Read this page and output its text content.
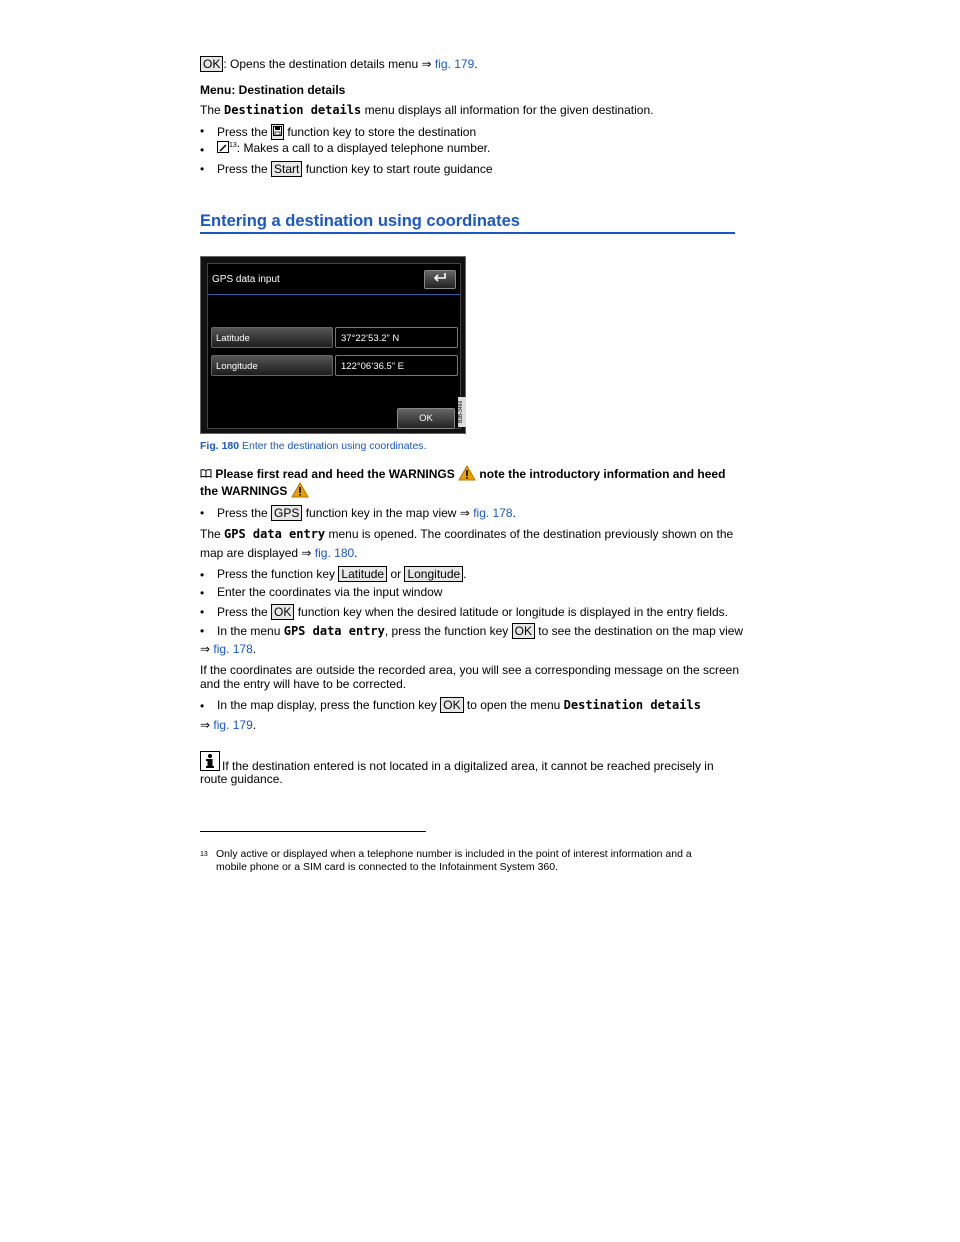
OK : Opens the destination details menu ⇒ fig. 179.
Menu: Destination details
The Destination details menu displays all information for the given destination.
•	Press the  function key to store the destination
•	$^{13}$: Makes a call to a displayed telephone number.
•	Press the Start function key to start route guidance
Entering a destination using coordinates
GPS data input
Latitude	37°22’53.2” N
Longitude	122°06’36.5” E
OK	B2B-3466
Fig. 180 Enter the destination using coordinates.
Please first read and heed the WARNINGS  note the introductory information and heed
the WARNINGS
•	Press the GPS function key in the map view ⇒ fig. 178.
The GPS data entry menu is opened. The coordinates of the destination previously shown on the
map are displayed ⇒ fig. 180.
•	Press the function key Latitude or Longitude .
•	Enter the coordinates via the input window
•	Press the OK function key when the desired latitude or longitude is displayed in the entry fields.
•	In the menu GPS data entry, press the function key OK to see the destination on the map view
⇒ fig. 178.
If the coordinates are outside the recorded area, you will see a corresponding message on the screen
and the entry will have to be corrected.
•	In the map display, press the function key OK to open the menu Destination details
⇒ fig. 179.
If the destination entered is not located in a digitalized area, it cannot be reached precisely in
route guidance.
$^{13}$ Only active or displayed when a telephone number is included in the point of interest information and a
mobile phone or a SIM card is connected to the Infotainment System 360.
